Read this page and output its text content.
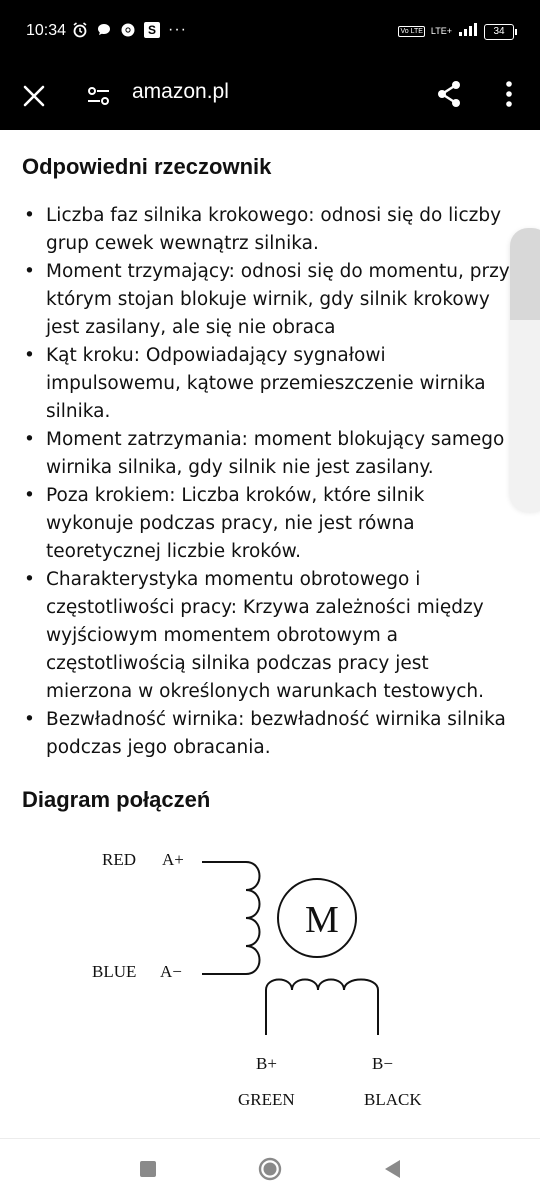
10:34	S ···	Vo LTE LTE+	34
amazon.pl
Odpowiedni rzeczownik
• Liczba faz silnika krokowego: odnosi się do liczby
grup cewek wewnątrz silnika.
• Moment trzymający: odnosi się do momentu, przy
którym stojan blokuje wirnik, gdy silnik krokowy
jest zasilany, ale się nie obraca
• Kąt kroku: Odpowiadający sygnałowi
impulsowemu, kątowe przemieszczenie wirnika
silnika.
• Moment zatrzymania: moment blokujący samego
wirnika silnika, gdy silnik nie jest zasilany.
• Poza krokiem: Liczba kroków, które silnik
wykonuje podczas pracy, nie jest równa
teoretycznej liczbie kroków.
• Charakterystyka momentu obrotowego i
częstotliwości pracy: Krzywa zależności między
wyjściowym momentem obrotowym a
częstotliwością silnika podczas pracy jest
mierzona w określonych warunkach testowych.
• Bezwładność wirnika: bezwładność wirnika silnika
podczas jego obracania.
Diagram połączeń
RED A+
BLUE A−
M
B+	B−
GREEN	BLACK
